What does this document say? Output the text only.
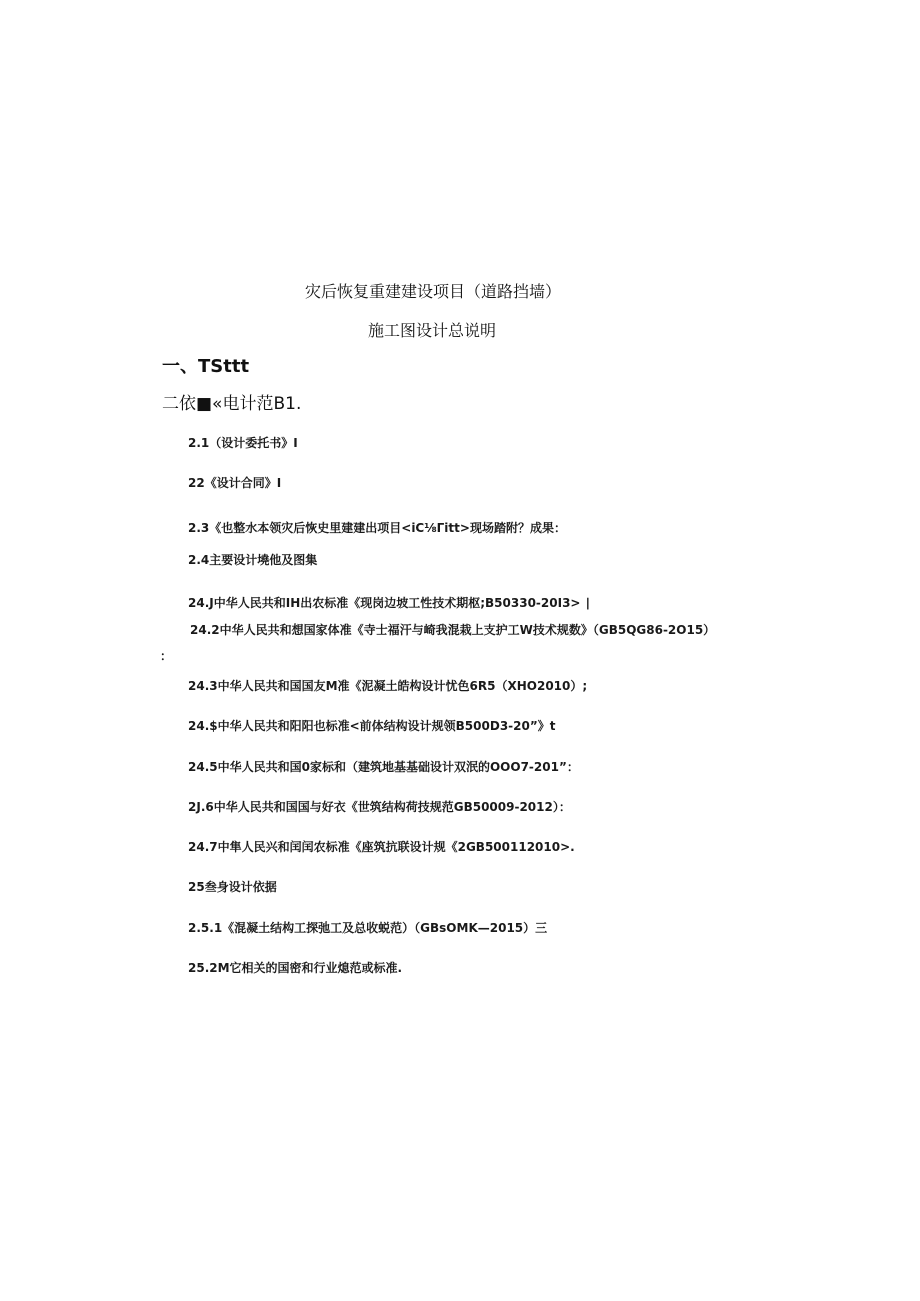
灾后恢复重建建设项目（道路挡墙）
施工图设计总说明
一、TSttt
二依■«电计范B1.
2.1（设计委托书》I
22《设计合同》I
2.3《也整水本领灾后恢史里建建出项目<iC⅛Γitt>现场踏附？成果：
2.4主要设计墝他及图集
24.J中华人民共和IH出农标准《现岗边坡工性技术期枢;B50330-20I3> ∣
24.2中华人民共和想国家体准《寺士福汗与崎我混栽上支护工W技术规数》（GB5QG86-2O15）
：
24.3中华人民共和国国友M准《泥凝土皓构设计忧色6R5（XHO2010）;
24.$中华人民共和阳阳也标准<前体结构设计规领B500D3-20”》t
24.5中华人民共和国0家标和（建筑地基基础设计双泯的OOO7-201”：
2J.6中华人民共和国国与好衣《世筑结构荷技规范GB50009-2012）：
24.7中隼人民兴和闰闰农标准《座筑抗联设计规《2GB500112010>.
25叁身设计依据
2.5.1《混凝土结构工探弛工及总收蜕范）（GBsOMK—2015）三
25.2M它相关的国密和行业熄范或标准.
